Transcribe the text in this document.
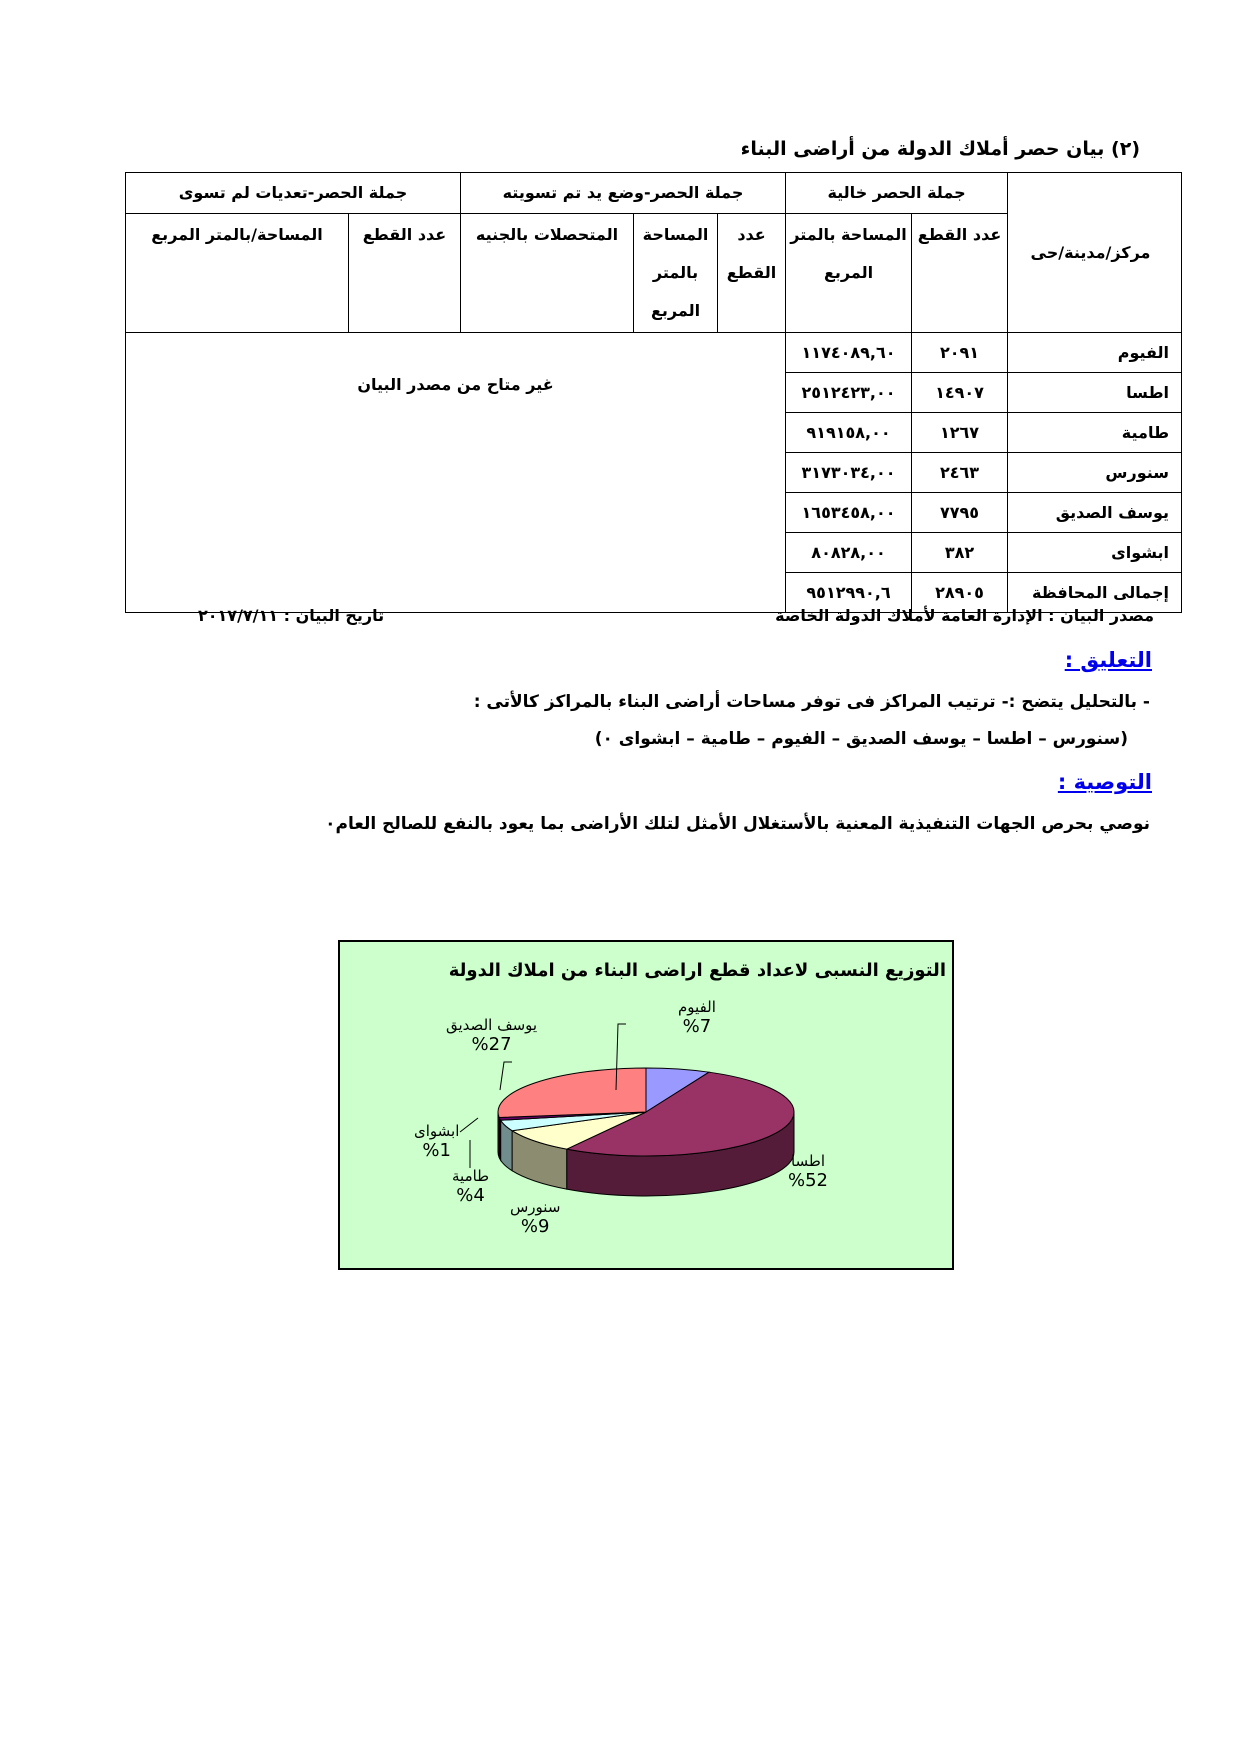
(٢) بيان حصر أملاك الدولة من أراضى البناء
مركز/مدينة/حى	جملة الحصر خالية		جملة الحصر-وضع يد تم تسويته			جملة الحصر-تعديات لم تسوى	
	عدد القطع	المساحة بالمتر المربع	عدد القطع	المساحة بالمتر المربع	المتحصلات بالجنيه	عدد القطع	المساحة/بالمتر المربع
الفيوم	٢٠٩١	١١٧٤٠٨٩,٦٠	غير متاح من مصدر البيان				
اطسا	١٤٩٠٧	٢٥١٢٤٢٣,٠٠					
طامية	١٢٦٧	٩١٩١٥٨,٠٠					
سنورس	٢٤٦٣	٣١٧٣٠٣٤,٠٠					
يوسف الصديق	٧٧٩٥	١٦٥٣٤٥٨,٠٠					
ابشواى	٣٨٢	٨٠٨٢٨,٠٠					
إجمالى المحافظة	٢٨٩٠٥	٩٥١٢٩٩٠,٦					
مصدر البيان : الإدارة العامة لأملاك الدولة الخاصة
تاريخ البيان : ٢٠١٧/٧/١١
التعليق :
- بالتحليل يتضح :- ترتيب المراكز فى توفر مساحات أراضى البناء بالمراكز كالأتى :
(سنورس – اطسا – يوسف الصديق – الفيوم – طامية – ابشواى ٠)
التوصية :
نوصي بحرص الجهات التنفيذية المعنية بالأستغلال الأمثل لتلك الأراضى بما يعود بالنفع للصالح العام٠
التوزيع النسبى لاعداد قطع اراضى البناء من املاك الدولة
الفيوم
%7
يوسف الصديق
%27
ابشواى
%1
طامية
%4
سنورس
%9
اطسا
%52
